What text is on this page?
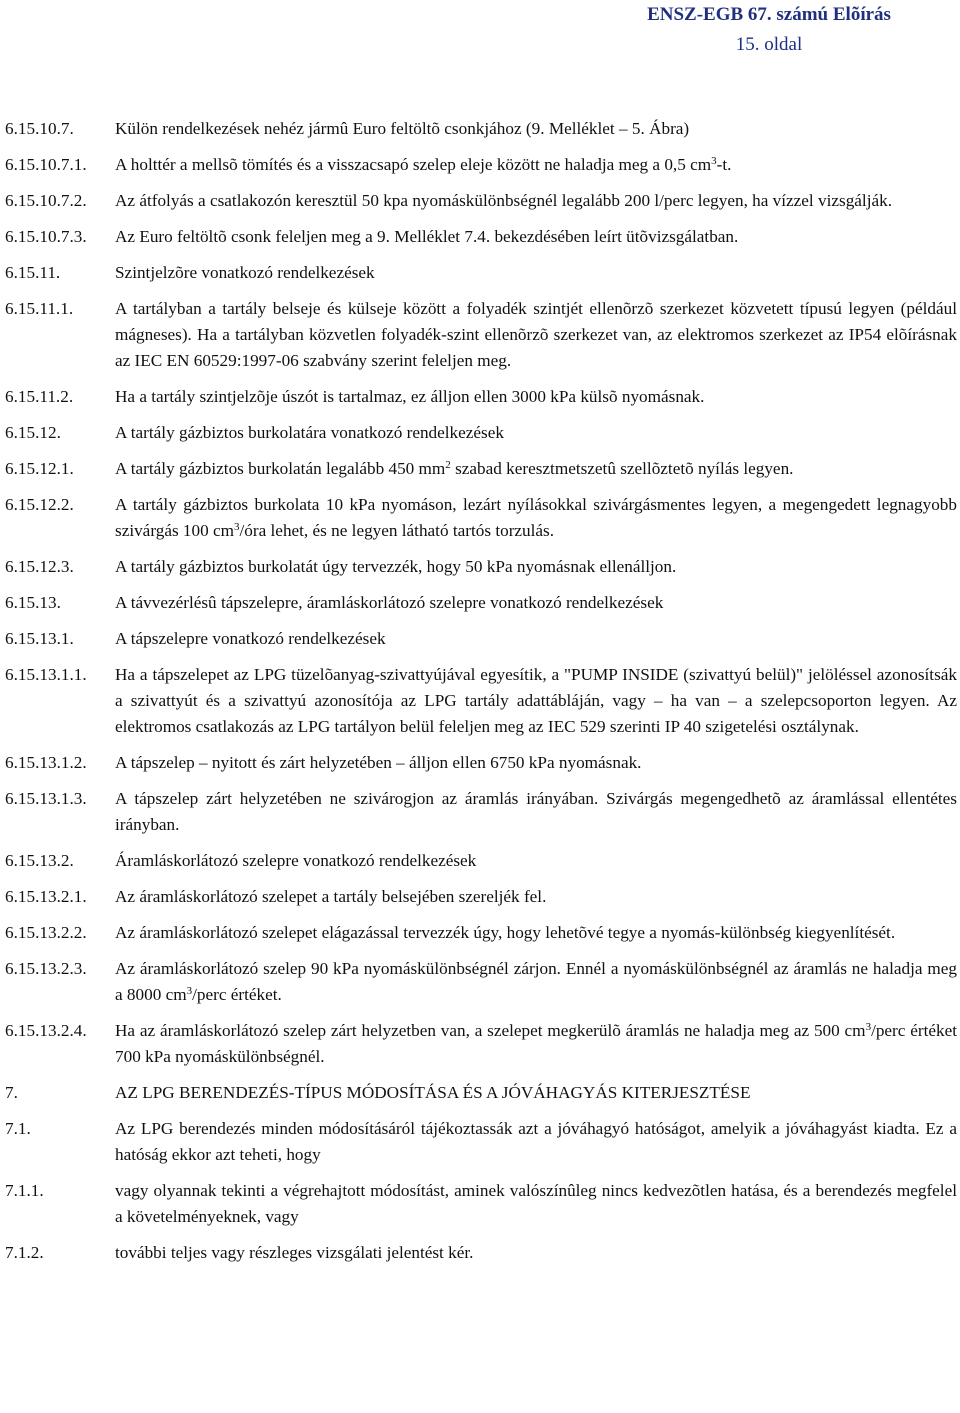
ENSZ-EGB 67. számú Elõírás
15. oldal
6.15.10.7.	Külön rendelkezések nehéz jármû Euro feltöltõ csonkjához (9. Melléklet – 5. Ábra)
6.15.10.7.1.	A holttér a mellsõ tömítés és a visszacsapó szelep eleje között ne haladja meg a 0,5 $cm^3-t$.
6.15.10.7.2.	Az átfolyás a csatlakozón keresztül 50 kpa nyomáskülönbségnél legalább 200 l/perc legyen, ha vízzel vizsgálják.
6.15.10.7.3.	Az Euro feltöltõ csonk feleljen meg a 9. Melléklet 7.4. bekezdésében leírt ütõvizsgálatban.
6.15.11.	Szintjelzõre vonatkozó rendelkezések
6.15.11.1.	A tartályban a tartály belseje és külseje között a folyadék szintjét ellenõrzõ szerkezet közvetett típusú legyen (például mágneses). Ha a tartályban közvetlen folyadék-szint ellenõrzõ szerkezet van, az elektromos szerkezet az IP54 elõírásnak az IEC EN 60529:1997-06 szabvány szerint feleljen meg.
6.15.11.2.	Ha a tartály szintjelzõje úszót is tartalmaz, ez álljon ellen 3000 kPa külsõ nyomásnak.
6.15.12.	A tartály gázbiztos burkolatára vonatkozó rendelkezések
6.15.12.1.	A tartály gázbiztos burkolatán legalább 450 $mm^2$ szabad keresztmetszetû szellõztetõ nyílás legyen.
6.15.12.2.	A tartály gázbiztos burkolata 10 kPa nyomáson, lezárt nyílásokkal szivárgásmentes legyen, a megengedett legnagyobb szivárgás 100 $cm^3$/óra lehet, és ne legyen látható tartós torzulás.
6.15.12.3.	A tartály gázbiztos burkolatát úgy tervezzék, hogy 50 kPa nyomásnak ellenálljon.
6.15.13.	A távvezérlésû tápszelepre, áramláskorlátozó szelepre vonatkozó rendelkezések
6.15.13.1.	A tápszelepre vonatkozó rendelkezések
6.15.13.1.1.	Ha a tápszelepet az LPG tüzelõanyag-szivattyújával egyesítik, a "PUMP INSIDE (szivattyú belül)" jelöléssel azonosítsák a szivattyút és a szivattyú azonosítója az LPG tartály adattábláján, vagy – ha van – a szelepcsoporton legyen. Az elektromos csatlakozás az LPG tartályon belül feleljen meg az IEC 529 szerinti IP 40 szigetelési osztálynak.
6.15.13.1.2.	A tápszelep – nyitott és zárt helyzetében – álljon ellen 6750 kPa nyomásnak.
6.15.13.1.3.	A tápszelep zárt helyzetében ne szivárogjon az áramlás irányában. Szivárgás megengedhetõ az áramlással ellentétes irányban.
6.15.13.2.	Áramláskorlátozó szelepre vonatkozó rendelkezések
6.15.13.2.1.	Az áramláskorlátozó szelepet a tartály belsejében szereljék fel.
6.15.13.2.2.	Az áramláskorlátozó szelepet elágazással tervezzék úgy, hogy lehetõvé tegye a nyomás-különbség kiegyenlítését.
6.15.13.2.3.	Az áramláskorlátozó szelep 90 kPa nyomáskülönbségnél zárjon. Ennél a nyomáskülönbségnél az áramlás ne haladja meg a 8000 $cm^3$/perc értéket.
6.15.13.2.4.	Ha az áramláskorlátozó szelep zárt helyzetben van, a szelepet megkerülõ áramlás ne haladja meg az 500 $cm^3$/perc értéket 700 kPa nyomáskülönbségnél.
7.	AZ LPG BERENDEZÉS-TÍPUS MÓDOSÍTÁSA ÉS A JÓVÁHAGYÁS KITERJESZTÉSE
7.1.	Az LPG berendezés minden módosításáról tájékoztassák azt a jóváhagyó hatóságot, amelyik a jóváhagyást kiadta. Ez a hatóság ekkor azt teheti, hogy
7.1.1.	vagy olyannak tekinti a végrehajtott módosítást, aminek valószínûleg nincs kedvezõtlen hatása, és a berendezés megfelel a követelményeknek, vagy
7.1.2.	további teljes vagy részleges vizsgálati jelentést kér.
